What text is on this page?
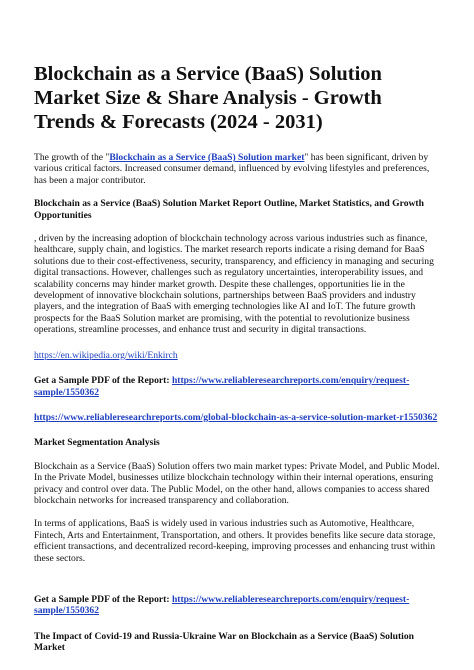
Blockchain as a Service (BaaS) Solution Market Size & Share Analysis - Growth Trends & Forecasts (2024 - 2031)

The growth of the "Blockchain as a Service (BaaS) Solution market" has been significant, driven by various critical factors. Increased consumer demand, influenced by evolving lifestyles and preferences, has been a major contributor.

Blockchain as a Service (BaaS) Solution Market Report Outline, Market Statistics, and Growth Opportunities

, driven by the increasing adoption of blockchain technology across various industries such as finance, healthcare, supply chain, and logistics. The market research reports indicate a rising demand for BaaS solutions due to their cost-effectiveness, security, transparency, and efficiency in managing and securing digital transactions. However, challenges such as regulatory uncertainties, interoperability issues, and scalability concerns may hinder market growth. Despite these challenges, opportunities lie in the development of innovative blockchain solutions, partnerships between BaaS providers and industry players, and the integration of BaaS with emerging technologies like AI and IoT. The future growth prospects for the BaaS Solution market are promising, with the potential to revolutionize business operations, streamline processes, and enhance trust and security in digital transactions.

https://en.wikipedia.org/wiki/Enkirch

Get a Sample PDF of the Report: https://www.reliableresearchreports.com/enquiry/request-sample/1550362

https://www.reliableresearchreports.com/global-blockchain-as-a-service-solution-market-r1550362

Market Segmentation Analysis

Blockchain as a Service (BaaS) Solution offers two main market types: Private Model, and Public Model. In the Private Model, businesses utilize blockchain technology within their internal operations, ensuring privacy and control over data. The Public Model, on the other hand, allows companies to access shared blockchain networks for increased transparency and collaboration.

In terms of applications, BaaS is widely used in various industries such as Automotive, Healthcare, Fintech, Arts and Entertainment, Transportation, and others. It provides benefits like secure data storage, efficient transactions, and decentralized record-keeping, improving processes and enhancing trust within these sectors.

Get a Sample PDF of the Report: https://www.reliableresearchreports.com/enquiry/request-sample/1550362

The Impact of Covid-19 and Russia-Ukraine War on Blockchain as a Service (BaaS) Solution Market
